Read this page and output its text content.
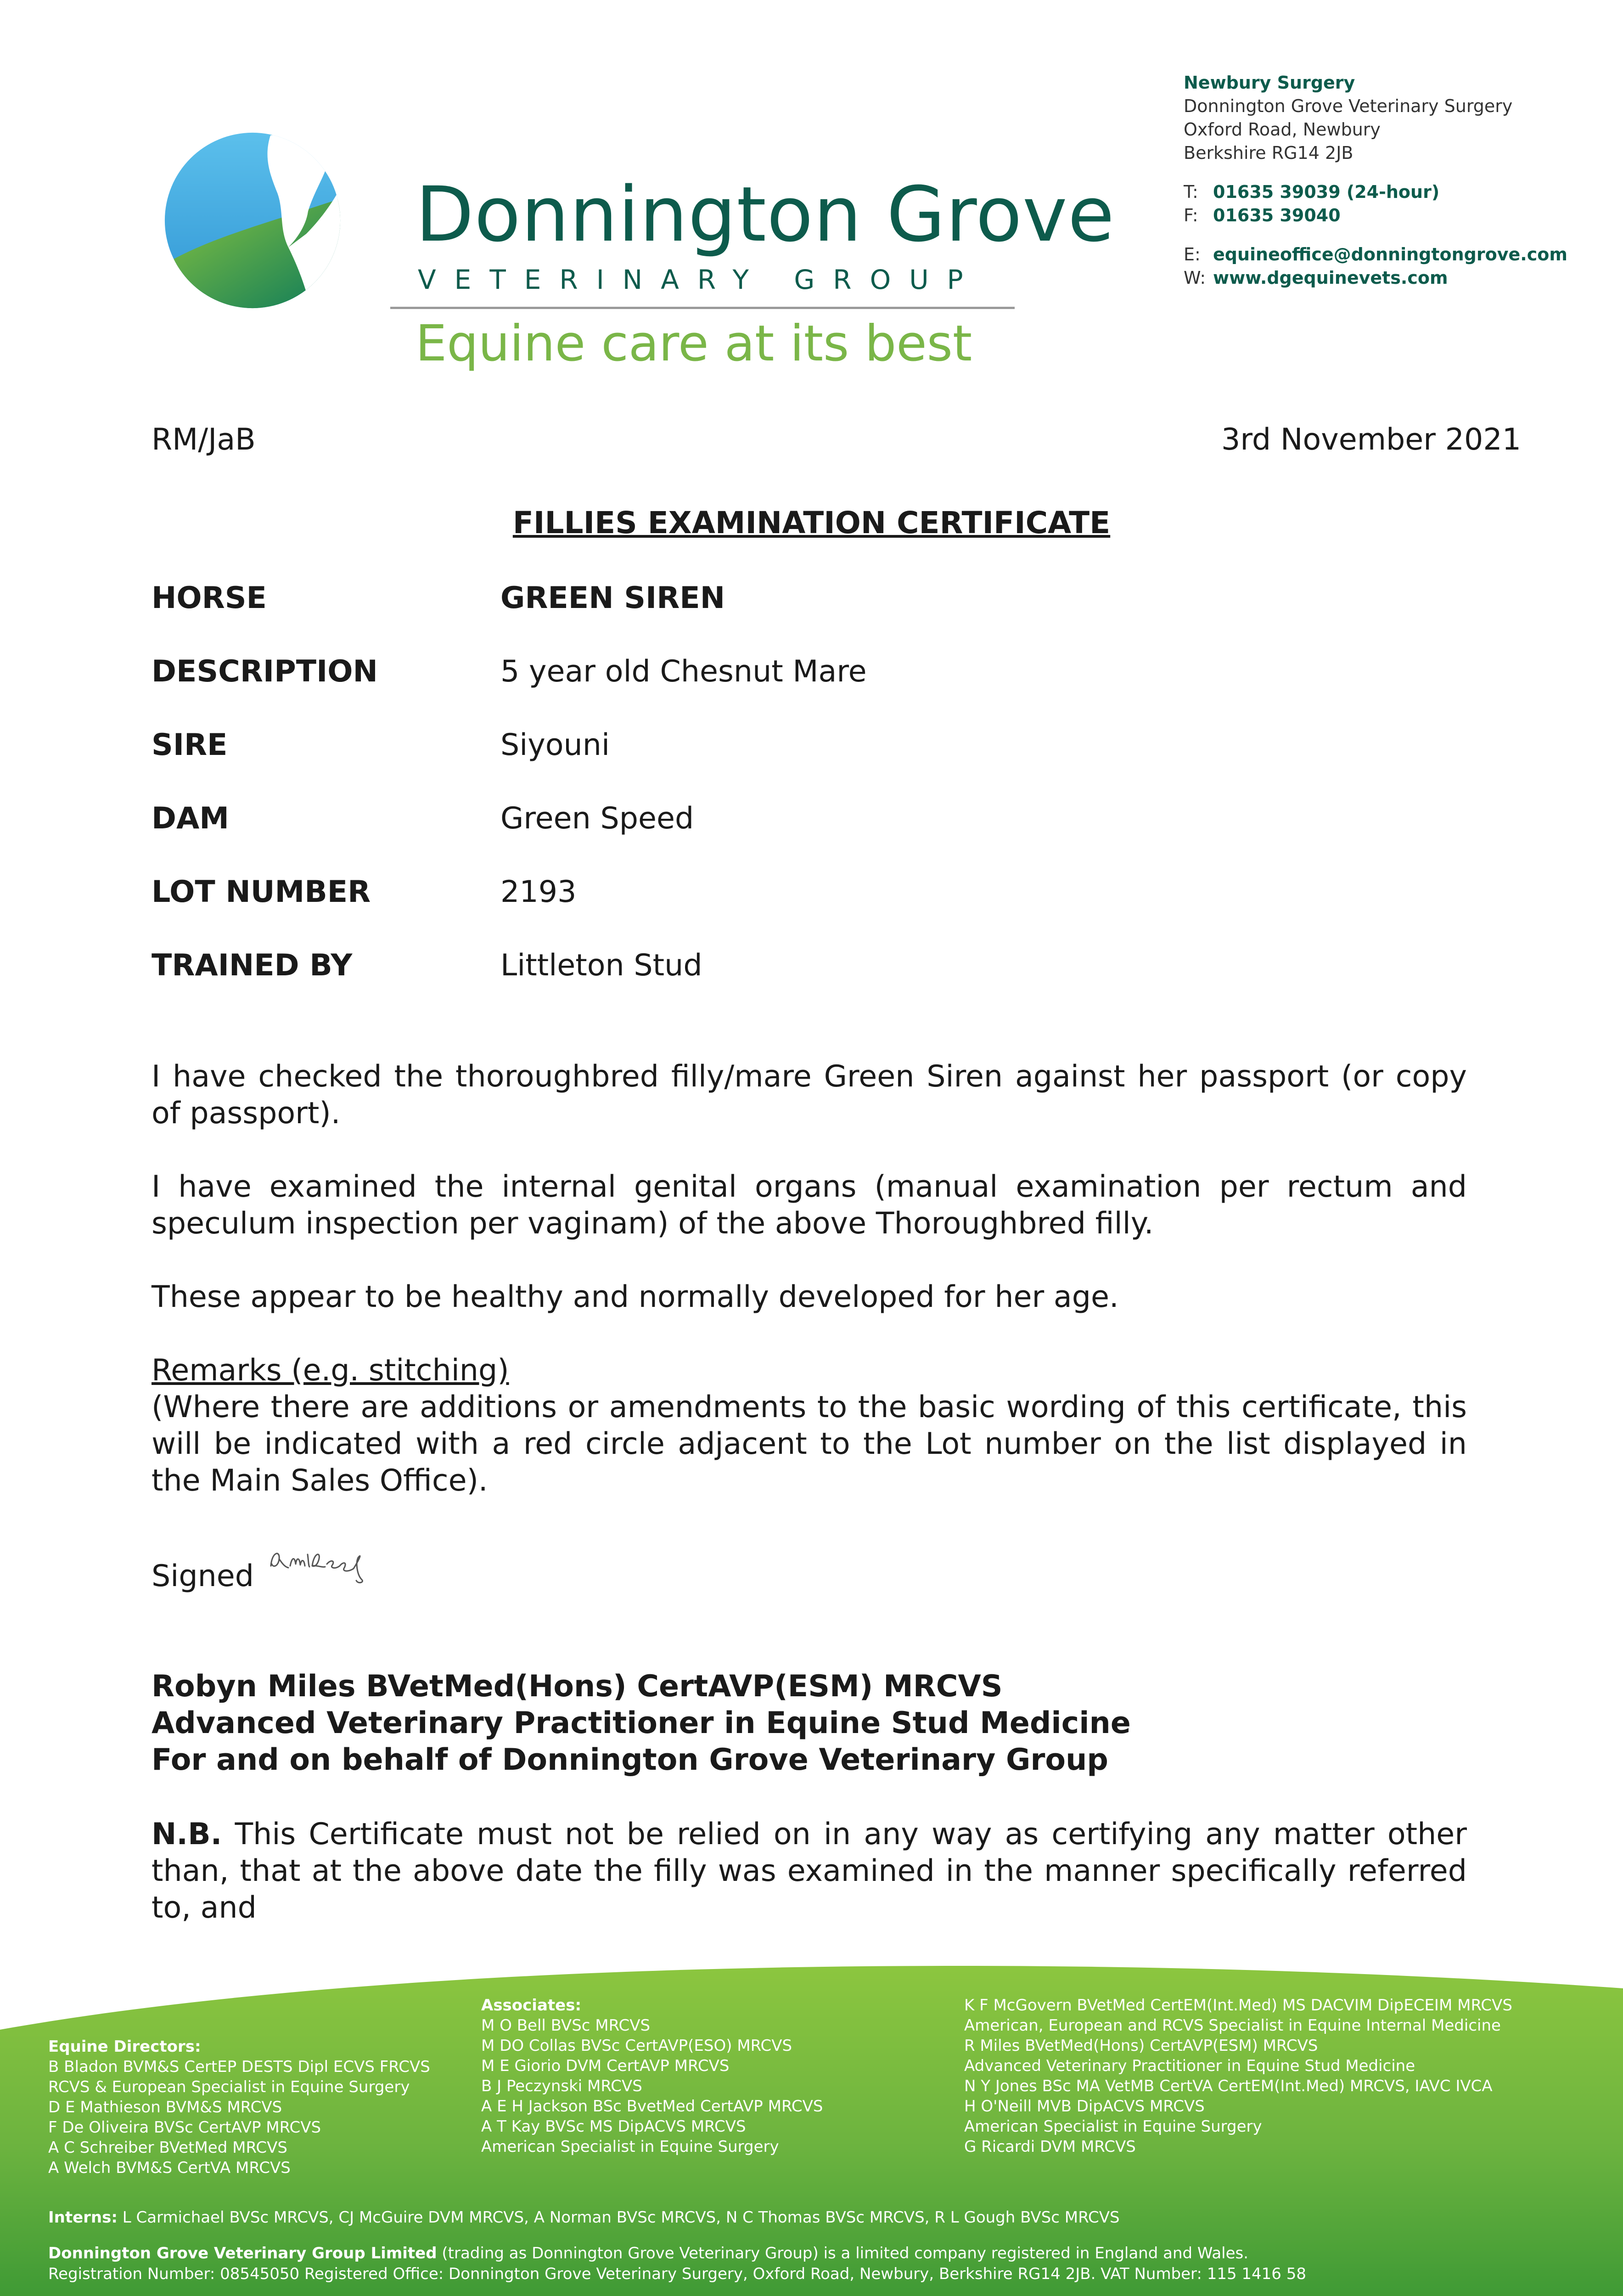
Donnington Grove
VETERINARY GROUP
Equine care at its best
Newbury Surgery
Donnington Grove Veterinary Surgery
Oxford Road, Newbury
Berkshire RG14 2JB
T: 01635 39039 (24-hour)
F: 01635 39040
E: equineoffice@donningtongrove.com
W: www.dgequinevets.com
RM/JaB	3rd November 2021
FILLIES EXAMINATION CERTIFICATE
HORSE	GREEN SIREN
DESCRIPTION	5 year old Chesnut Mare
SIRE	Siyouni
DAM	Green Speed
LOT NUMBER	2193
TRAINED BY	Littleton Stud
I have checked the thoroughbred filly/mare Green Siren against her passport (or copy of passport).
I have examined the internal genital organs (manual examination per rectum and speculum inspection per vaginam) of the above Thoroughbred filly.
These appear to be healthy and normally developed for her age.
Remarks (e.g. stitching)
(Where there are additions or amendments to the basic wording of this certificate, this will be indicated with a red circle adjacent to the Lot number on the list displayed in the Main Sales Office).
Signed
Robyn Miles BVetMed(Hons) CertAVP(ESM) MRCVS
Advanced Veterinary Practitioner in Equine Stud Medicine
For and on behalf of Donnington Grove Veterinary Group
N.B. This Certificate must not be relied on in any way as certifying any matter other than, that at the above date the filly was examined in the manner specifically referred to, and
Equine Directors:
B Bladon BVM&S CertEP DESTS Dipl ECVS FRCVS
RCVS & European Specialist in Equine Surgery
D E Mathieson BVM&S MRCVS
F De Oliveira BVSc CertAVP MRCVS
A C Schreiber BVetMed MRCVS
A Welch BVM&S CertVA MRCVS
Associates:
M O Bell BVSc MRCVS
M DO Collas BVSc CertAVP(ESO) MRCVS
M E Giorio DVM CertAVP MRCVS
B J Peczynski MRCVS
A E H Jackson BSc BvetMed CertAVP MRCVS
A T Kay BVSc MS DipACVS MRCVS
American Specialist in Equine Surgery
K F McGovern BVetMed CertEM(Int.Med) MS DACVIM DipECEIM MRCVS
American, European and RCVS Specialist in Equine Internal Medicine
R Miles BVetMed(Hons) CertAVP(ESM) MRCVS
Advanced Veterinary Practitioner in Equine Stud Medicine
N Y Jones BSc MA VetMB CertVA CertEM(Int.Med) MRCVS, IAVC IVCA
H O'Neill MVB DipACVS MRCVS
American Specialist in Equine Surgery
G Ricardi DVM MRCVS
Interns: L Carmichael BVSc MRCVS, CJ McGuire DVM MRCVS, A Norman BVSc MRCVS, N C Thomas BVSc MRCVS, R L Gough BVSc MRCVS
Donnington Grove Veterinary Group Limited (trading as Donnington Grove Veterinary Group) is a limited company registered in England and Wales.
Registration Number: 08545050 Registered Office: Donnington Grove Veterinary Surgery, Oxford Road, Newbury, Berkshire RG14 2JB. VAT Number: 115 1416 58
